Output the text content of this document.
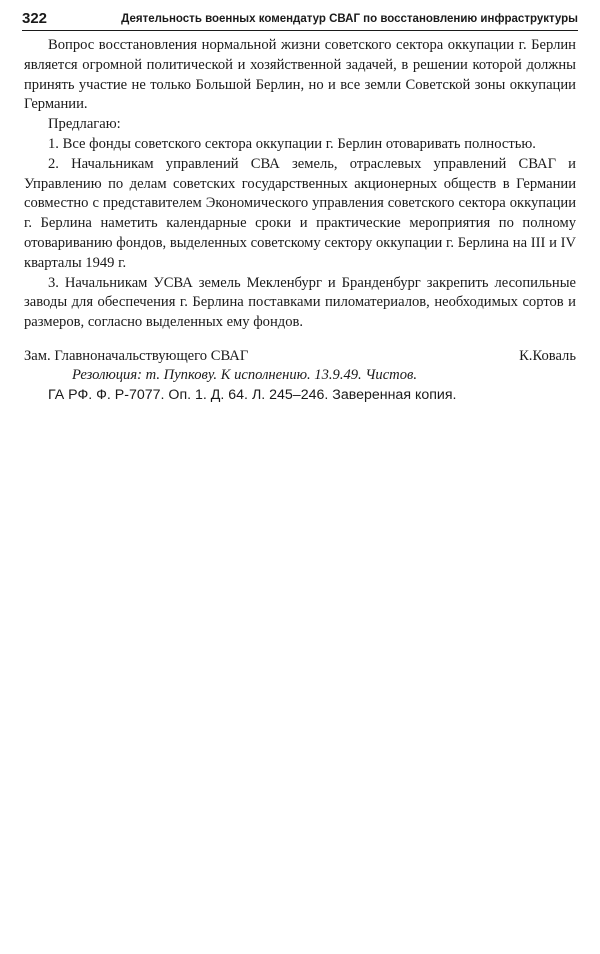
322	Деятельность военных комендатур СВАГ по восстановлению инфраструктуры

Вопрос восстановления нормальной жизни советского сектора оккупации г. Берлин является огромной политической и хозяйственной задачей, в решении которой должны принять участие не только Большой Берлин, но и все земли Советской зоны оккупации Германии.

Предлагаю:

1. Все фонды советского сектора оккупации г. Берлин отоваривать полностью.

2. Начальникам управлений СВА земель, отраслевых управлений СВАГ и Управлению по делам советских государственных акционерных обществ в Германии совместно с представителем Экономического управления советского сектора оккупации г. Берлина наметить календарные сроки и практические мероприятия по полному отовариванию фондов, выделенных советскому сектору оккупации г. Берлина на III и IV кварталы 1949 г.

3. Начальникам УСВА земель Мекленбург и Бранденбург закрепить лесопильные заводы для обеспечения г. Берлина поставками пиломатериалов, необходимых сортов и размеров, согласно выделенных ему фондов.

Зам. Главноначальствующего СВАГ	К.Коваль

Резолюция: т. Пупкову. К исполнению. 13.9.49. Чистов.

ГА РФ. Ф. Р-7077. Оп. 1. Д. 64. Л. 245–246. Заверенная копия.
